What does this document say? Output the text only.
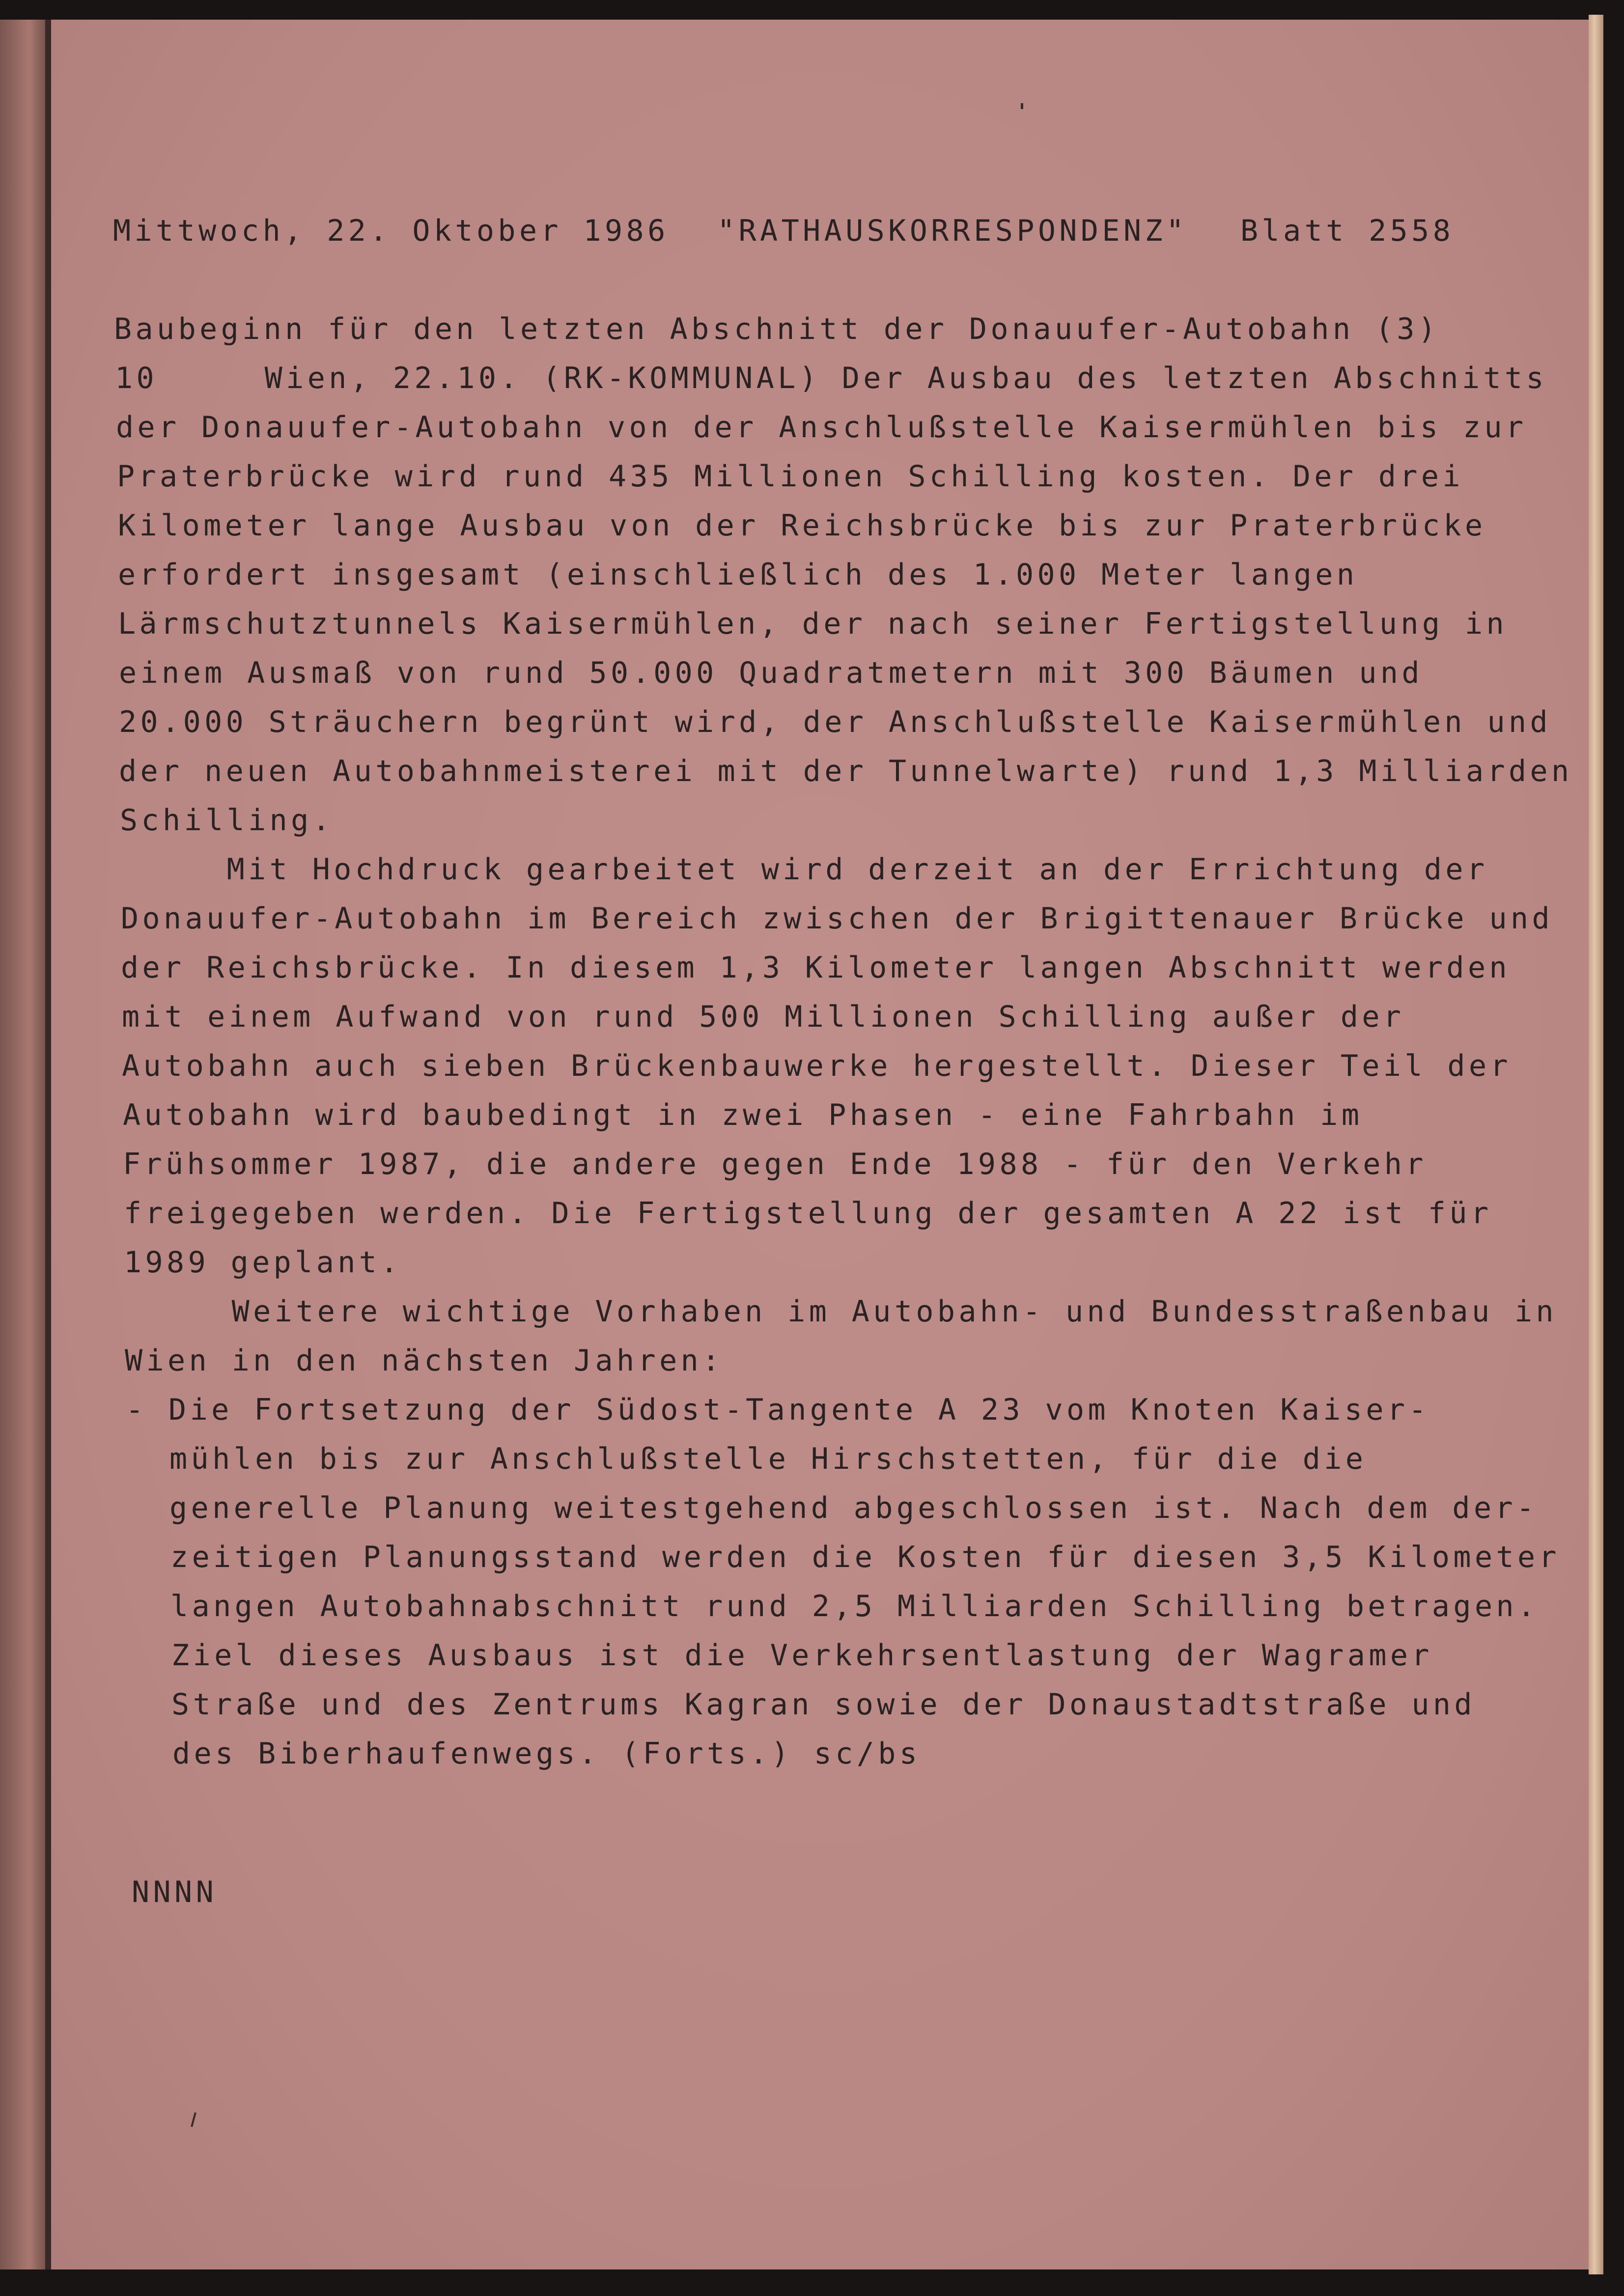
Mittwoch, 22. Oktober 1986 "RATHAUSKORRESPONDENZ" Blatt 2558
Baubeginn für den letzten Abschnitt der Donauufer-Autobahn (3)
10     Wien, 22.10. (RK-KOMMUNAL) Der Ausbau des letzten Abschnitts
der Donauufer-Autobahn von der Anschlußstelle Kaisermühlen bis zur
Praterbrücke wird rund 435 Millionen Schilling kosten. Der drei
Kilometer lange Ausbau von der Reichsbrücke bis zur Praterbrücke
erfordert insgesamt (einschließlich des 1.000 Meter langen
Lärmschutztunnels Kaisermühlen, der nach seiner Fertigstellung in
einem Ausmaß von rund 50.000 Quadratmetern mit 300 Bäumen und
20.000 Sträuchern begrünt wird, der Anschlußstelle Kaisermühlen und
der neuen Autobahnmeisterei mit der Tunnelwarte) rund 1,3 Milliarden
Schilling.
Mit Hochdruck gearbeitet wird derzeit an der Errichtung der
Donauufer-Autobahn im Bereich zwischen der Brigittenauer Brücke und
der Reichsbrücke. In diesem 1,3 Kilometer langen Abschnitt werden
mit einem Aufwand von rund 500 Millionen Schilling außer der
Autobahn auch sieben Brückenbauwerke hergestellt. Dieser Teil der
Autobahn wird baubedingt in zwei Phasen - eine Fahrbahn im
Frühsommer 1987, die andere gegen Ende 1988 - für den Verkehr
freigegeben werden. Die Fertigstellung der gesamten A 22 ist für
1989 geplant.
Weitere wichtige Vorhaben im Autobahn- und Bundesstraßenbau in
Wien in den nächsten Jahren:
- Die Fortsetzung der Südost-Tangente A 23 vom Knoten Kaiser-
mühlen bis zur Anschlußstelle Hirschstetten, für die die
generelle Planung weitestgehend abgeschlossen ist. Nach dem der-
zeitigen Planungsstand werden die Kosten für diesen 3,5 Kilometer
langen Autobahnabschnitt rund 2,5 Milliarden Schilling betragen.
Ziel dieses Ausbaus ist die Verkehrsentlastung der Wagramer
Straße und des Zentrums Kagran sowie der Donaustadtstraße und
des Biberhaufenwegs. (Forts.) sc/bs
NNNN
